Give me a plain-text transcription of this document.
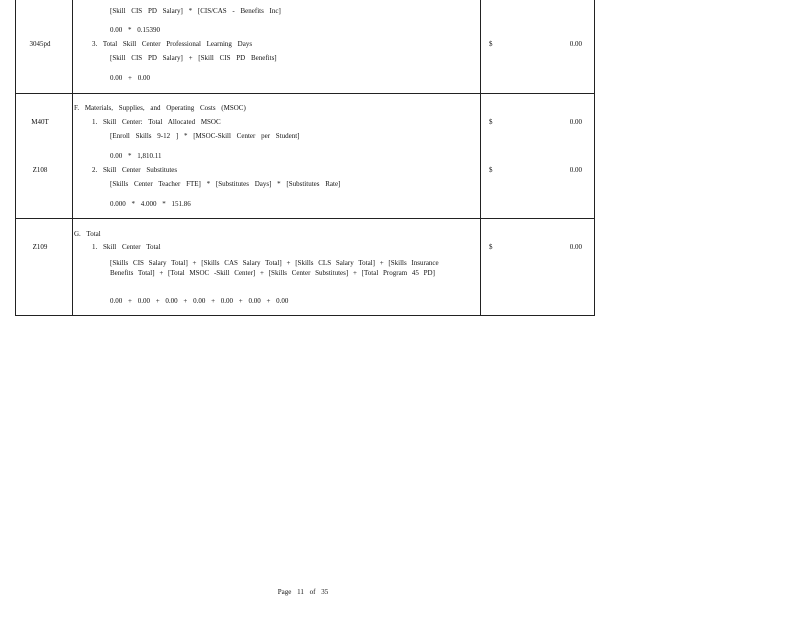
[Skill CIS PD Salary] * [CIS/CAS - Benefits Inc]
0.00 * 0.15390
3045pd	3. Total Skill Center Professional Learning Days	$	0.00
[Skill CIS PD Salary] + [Skill CIS PD Benefits]
0.00 + 0.00
F. Materials, Supplies, and Operating Costs (MSOC)
M40T	1. Skill Center: Total Allocated MSOC	$	0.00
[Enroll Skills 9-12 ] * [MSOC-Skill Center per Student]
0.00 * 1,810.11
Z108	2. Skill Center Substitutes	$	0.00
[Skills Center Teacher FTE] * [Substitutes Days] * [Substitutes Rate]
0.000 * 4.000 * 151.86
G. Total
Z109	1. Skill Center Total	$	0.00
[Skills CIS Salary Total] + [Skills CAS Salary Total] + [Skills CLS Salary Total] + [Skills Insurance Benefits Total] + [Total MSOC -Skill Center] + [Skills Center Substitutes] + [Total Program 45 PD]
0.00 + 0.00 + 0.00 + 0.00 + 0.00 + 0.00 + 0.00
Page 11 of 35
